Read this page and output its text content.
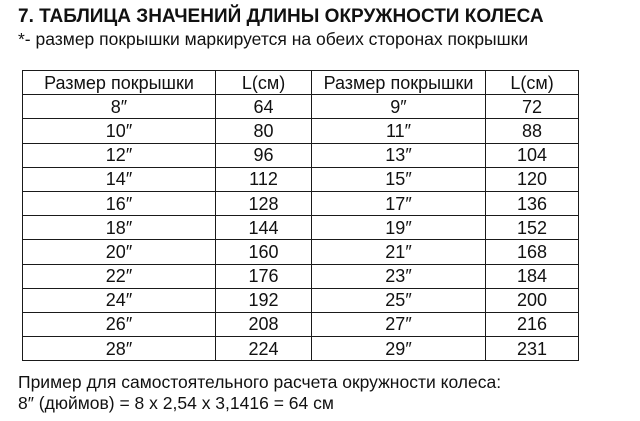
7. ТАБЛИЦА ЗНАЧЕНИЙ ДЛИНЫ ОКРУЖНОСТИ КОЛЕСА
*- размер покрышки маркируется на обеих сторонах покрышки
Размер покрышки	L(см)	Размер покрышки	L(см)
8″	64	9″	72
10″	80	11″	88
12″	96	13″	104
14″	112	15″	120
16″	128	17″	136
18″	144	19″	152
20″	160	21″	168
22″	176	23″	184
24″	192	25″	200
26″	208	27″	216
28″	224	29″	231
Пример для самостоятельного расчета окружности колеса:
8″ (дюймов) = 8 х 2,54 х 3,1416 = 64 см
